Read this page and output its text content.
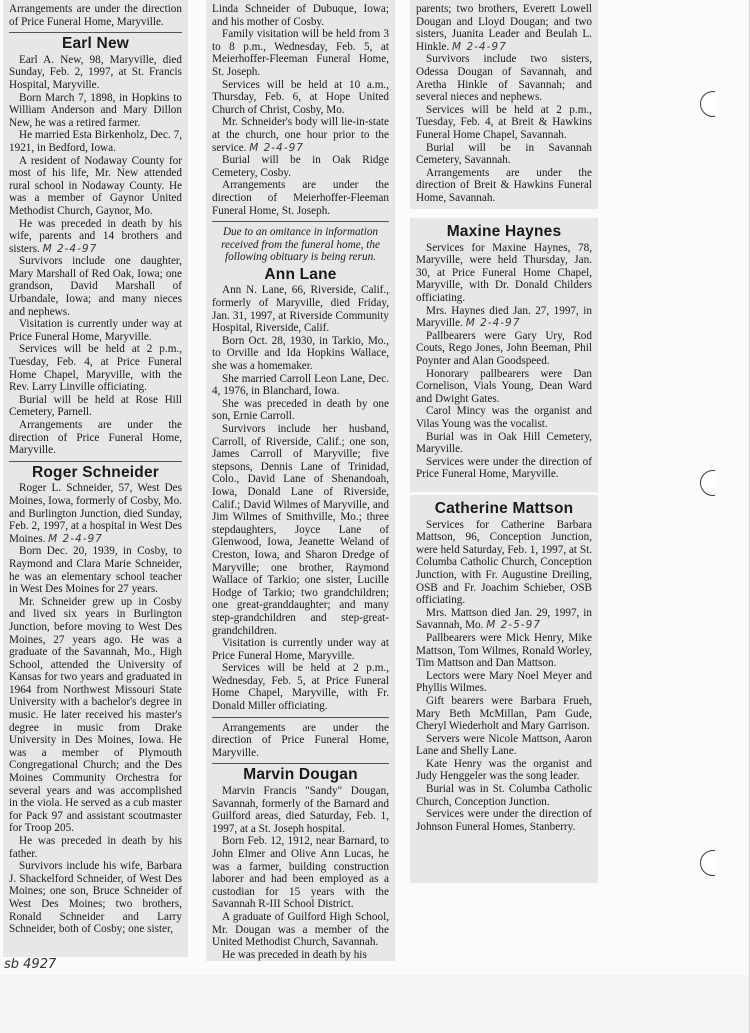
Arrangements are under the direction of Price Funeral Home, Maryville.

Earl New

Earl A. New, 98, Maryville, died Sunday, Feb. 2, 1997, at St. Francis Hospital, Maryville.

Born March 7, 1898, in Hopkins to William Anderson and Mary Dillon New, he was a retired farmer.

He married Esta Birkenholz, Dec. 7, 1921, in Bedford, Iowa.

A resident of Nodaway County for most of his life, Mr. New attended rural school in Nodaway County. He was a member of Gaynor United Methodist Church, Gaynor, Mo.

He was preceded in death by his wife, parents and 14 brothers and sisters. M 2-4-97

Survivors include one daughter, Mary Marshall of Red Oak, Iowa; one grandson, David Marshall of Urbandale, Iowa; and many nieces and nephews.

Visitation is currently under way at Price Funeral Home, Maryville.

Services will be held at 2 p.m., Tuesday, Feb. 4, at Price Funeral Home Chapel, Maryville, with the Rev. Larry Linville officiating.

Burial will be held at Rose Hill Cemetery, Parnell.

Arrangements are under the direction of Price Funeral Home, Maryville.

Roger Schneider

Roger L. Schneider, 57, West Des Moines, Iowa, formerly of Cosby, Mo. and Burlington Junction, died Sunday, Feb. 2, 1997, at a hospital in West Des Moines. M 2-4-97

Born Dec. 20, 1939, in Cosby, to Raymond and Clara Marie Schneider, he was an elementary school teacher in West Des Moines for 27 years.

Mr. Schneider grew up in Cosby and lived six years in Burlington Junction, before moving to West Des Moines, 27 years ago. He was a graduate of the Savannah, Mo., High School, attended the University of Kansas for two years and graduated in 1964 from Northwest Missouri State University with a bachelor's degree in music. He later received his master's degree in music from Drake University in Des Moines, Iowa. He was a member of Plymouth Congregational Church; and the Des Moines Community Orchestra for several years and was accomplished in the viola. He served as a cub master for Pack 97 and assistant scoutmaster for Troop 205.

He was preceded in death by his father.

Survivors include his wife, Barbara J. Shackelford Schneider, of West Des Moines; one son, Bruce Schneider of West Des Moines; two brothers, Ronald Schneider and Larry Schneider, both of Cosby; one sister,

Linda Schneider of Dubuque, Iowa; and his mother of Cosby.

Family visitation will be held from 3 to 8 p.m., Wednesday, Feb. 5, at Meierhoffer-Fleeman Funeral Home, St. Joseph.

Services will be held at 10 a.m., Thursday, Feb. 6, at Hope United Church of Christ, Cosby, Mo.

Mr. Schneider's body will lie-in-state at the church, one hour prior to the service. M 2-4-97

Burial will be in Oak Ridge Cemetery, Cosby.

Arrangements are under the direction of Meierhoffer-Fleeman Funeral Home, St. Joseph.

Due to an omitance in information received from the funeral home, the following obituary is being rerun.

Ann Lane

Ann N. Lane, 66, Riverside, Calif., formerly of Maryville, died Friday, Jan. 31, 1997, at Riverside Community Hospital, Riverside, Calif.

Born Oct. 28, 1930, in Tarkio, Mo., to Orville and Ida Hopkins Wallace, she was a homemaker.

She married Carroll Leon Lane, Dec. 4, 1976, in Blanchard, Iowa.

She was preceded in death by one son, Ernie Carroll.

Survivors include her husband, Carroll, of Riverside, Calif.; one son, James Carroll of Maryville; five stepsons, Dennis Lane of Trinidad, Colo., David Lane of Shenandoah, Iowa, Donald Lane of Riverside, Calif.; David Wilmes of Maryville, and Jim Wilmes of Smithville, Mo.; three stepdaughters, Joyce Lane of Glenwood, Iowa, Jeanette Weland of Creston, Iowa, and Sharon Dredge of Maryville; one brother, Raymond Wallace of Tarkio; one sister, Lucille Hodge of Tarkio; two grandchildren; one great-granddaughter; and many step-grandchildren and step-great-grandchildren.

Visitation is currently under way at Price Funeral Home, Maryville.

Services will be held at 2 p.m., Wednesday, Feb. 5, at Price Funeral Home Chapel, Maryville, with Fr. Donald Miller officiating.

Arrangements are under the direction of Price Funeral Home, Maryville.

Marvin Dougan

Marvin Francis "Sandy" Dougan, Savannah, formerly of the Barnard and Guilford areas, died Saturday, Feb. 1, 1997, at a St. Joseph hospital.

Born Feb. 12, 1912, near Barnard, to John Elmer and Olive Ann Lucas, he was a farmer, building construction laborer and had been employed as a custodian for 15 years with the Savannah R-III School District.

A graduate of Guilford High School, Mr. Dougan was a member of the United Methodist Church, Savannah.

He was preceded in death by his

parents; two brothers, Everett Lowell Dougan and Lloyd Dougan; and two sisters, Juanita Leader and Beulah L. Hinkle. M 2-4-97

Survivors include two sisters, Odessa Dougan of Savannah, and Aretha Hinkle of Savannah; and several nieces and nephews.

Services will be held at 2 p.m., Tuesday, Feb. 4, at Breit & Hawkins Funeral Home Chapel, Savannah.

Burial will be in Savannah Cemetery, Savannah.

Arrangements are under the direction of Breit & Hawkins Funeral Home, Savannah.

Maxine Haynes

Services for Maxine Haynes, 78, Maryville, were held Thursday, Jan. 30, at Price Funeral Home Chapel, Maryville, with Dr. Donald Childers officiating.

Mrs. Haynes died Jan. 27, 1997, in Maryville. M 2-4-97

Pallbearers were Gary Ury, Rod Couts, Rego Jones, John Beeman, Phil Poynter and Alan Goodspeed.

Honorary pallbearers were Dan Cornelison, Vials Young, Dean Ward and Dwight Gates.

Carol Mincy was the organist and Vilas Young was the vocalist.

Burial was in Oak Hill Cemetery, Maryville.

Services were under the direction of Price Funeral Home, Maryville.

Catherine Mattson

Services for Catherine Barbara Mattson, 96, Conception Junction, were held Saturday, Feb. 1, 1997, at St. Columba Catholic Church, Conception Junction, with Fr. Augustine Dreiling, OSB and Fr. Joachim Schieber, OSB officiating.

Mrs. Mattson died Jan. 29, 1997, in Savannah, Mo. M 2-5-97

Pallbearers were Mick Henry, Mike Mattson, Tom Wilmes, Ronald Worley, Tim Mattson and Dan Mattson.

Lectors were Mary Noel Meyer and Phyllis Wilmes.

Gift bearers were Barbara Frueh, Mary Beth McMillan, Pam Gude, Cheryl Wiederholt and Mary Garrison.

Servers were Nicole Mattson, Aaron Lane and Shelly Lane.

Kate Henry was the organist and Judy Henggeler was the song leader.

Burial was in St. Columba Catholic Church, Conception Junction.

Services were under the direction of Johnson Funeral Homes, Stanberry.

sb 4927
